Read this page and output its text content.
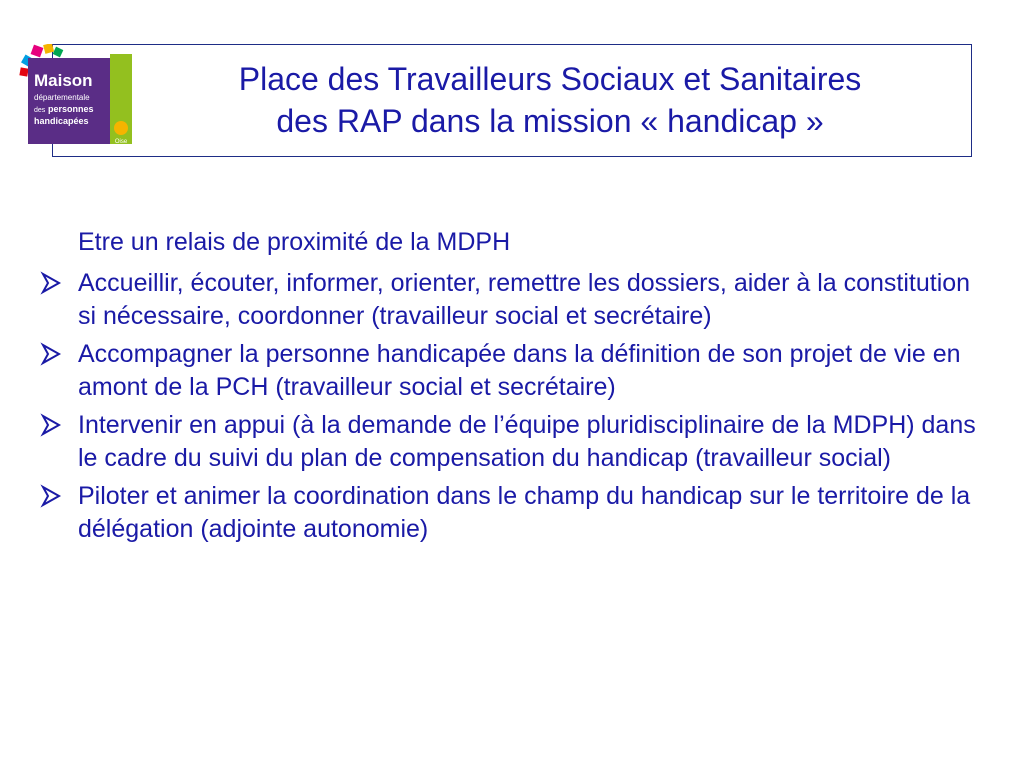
Oise
Maison
départementale
des personnes
handicapées
Place des Travailleurs Sociaux et Sanitaires
des RAP dans la mission « handicap »

Etre un relais de proximité de la MDPH

Accueillir, écouter, informer, orienter, remettre les dossiers, aider à la constitution si nécessaire, coordonner (travailleur social et secrétaire)
Accompagner la personne handicapée dans la définition de son projet de vie en amont de la PCH (travailleur social et secrétaire)
Intervenir en appui (à la demande de l’équipe pluridisciplinaire de la MDPH) dans le cadre du suivi du plan de compensation du handicap (travailleur social)
Piloter et animer la coordination dans le champ du handicap sur le territoire de la délégation (adjointe autonomie)
